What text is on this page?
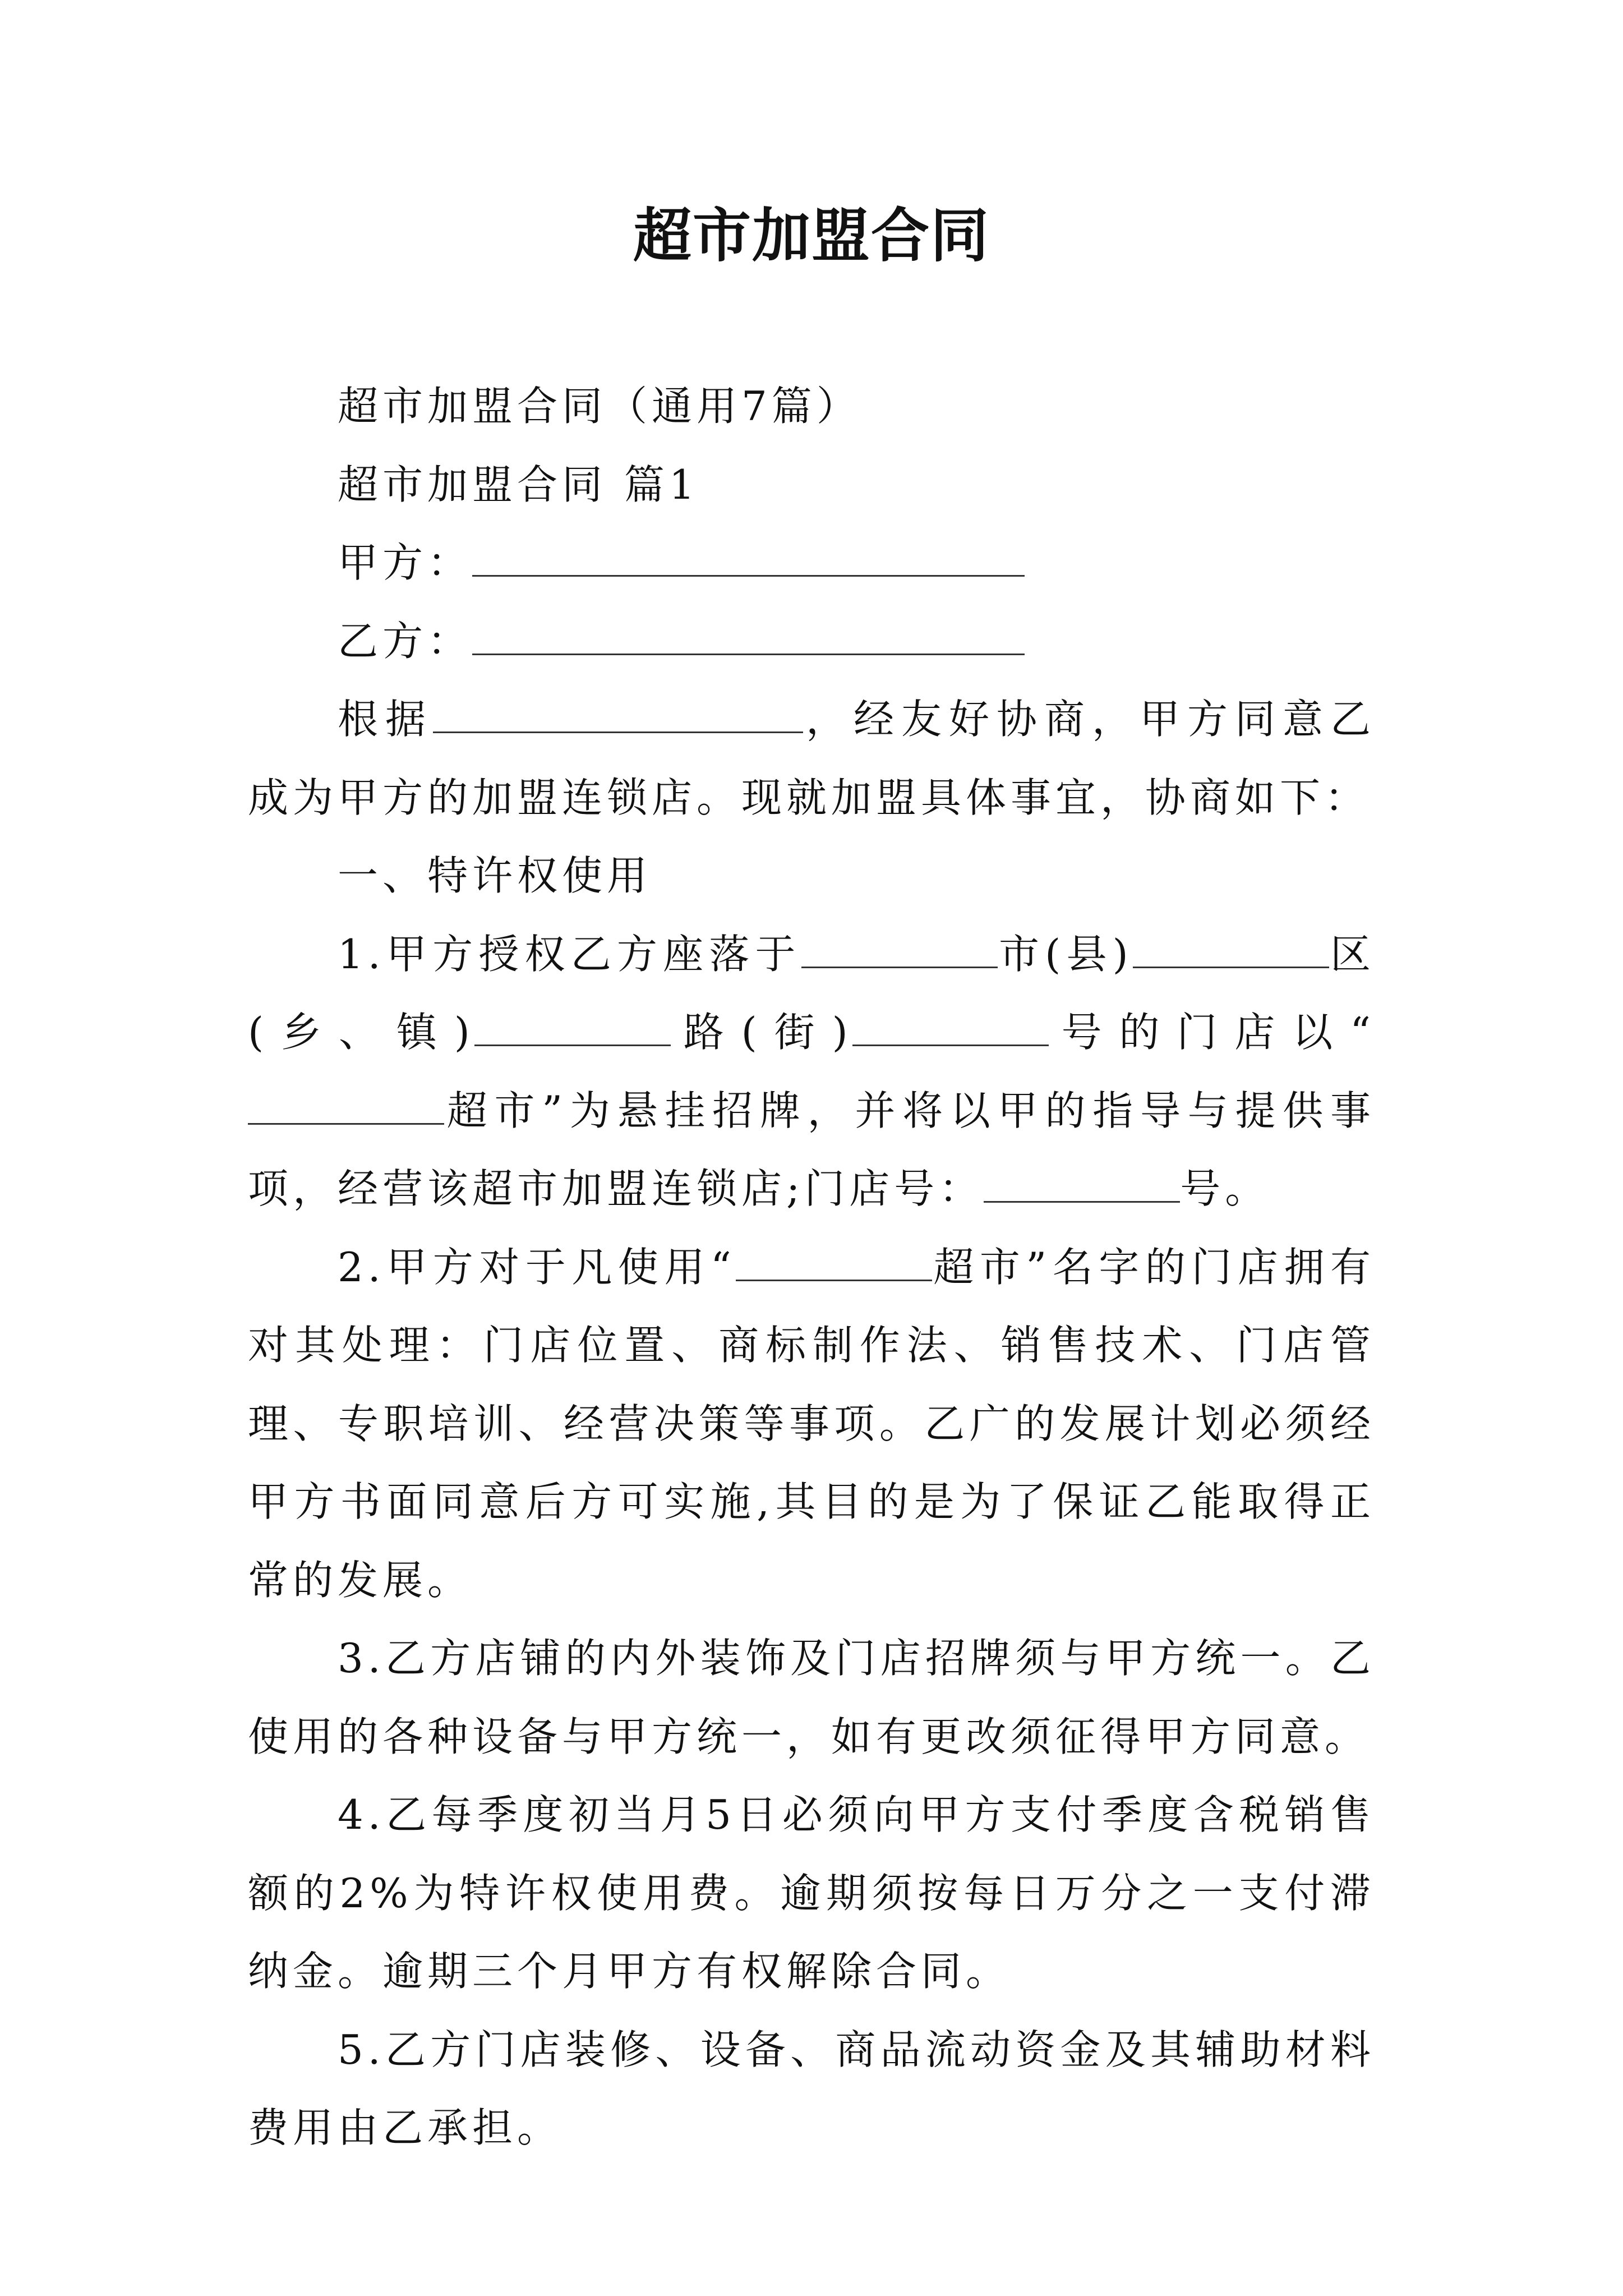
超市加盟合同

超市加盟合同（通用7篇）

超市加盟合同 篇1

甲方：

乙方：

根据	，经友好协商，甲方同意乙成为甲方的加盟连锁店。现就加盟具体事宜，协商如下：

一、特许权使用

1.甲方授权乙方座落于	市(县)	区(乡、镇)	路(街)	号的门店以“超市”为悬挂招牌，并将以甲的指导与提供事项，经营该超市加盟连锁店;门店号：	号。

2.甲方对于凡使用“	超市”名字的门店拥有对其处理：门店位置、商标制作法、销售技术、门店管理、专职培训、经营决策等事项。乙广的发展计划必须经甲方书面同意后方可实施,其目的是为了保证乙能取得正常的发展。

3.乙方店铺的内外装饰及门店招牌须与甲方统一。乙使用的各种设备与甲方统一，如有更改须征得甲方同意。

4.乙每季度初当月5日必须向甲方支付季度含税销售额的2%为特许权使用费。逾期须按每日万分之一支付滞纳金。逾期三个月甲方有权解除合同。

5.乙方门店装修、设备、商品流动资金及其辅助材料费用由乙承担。
